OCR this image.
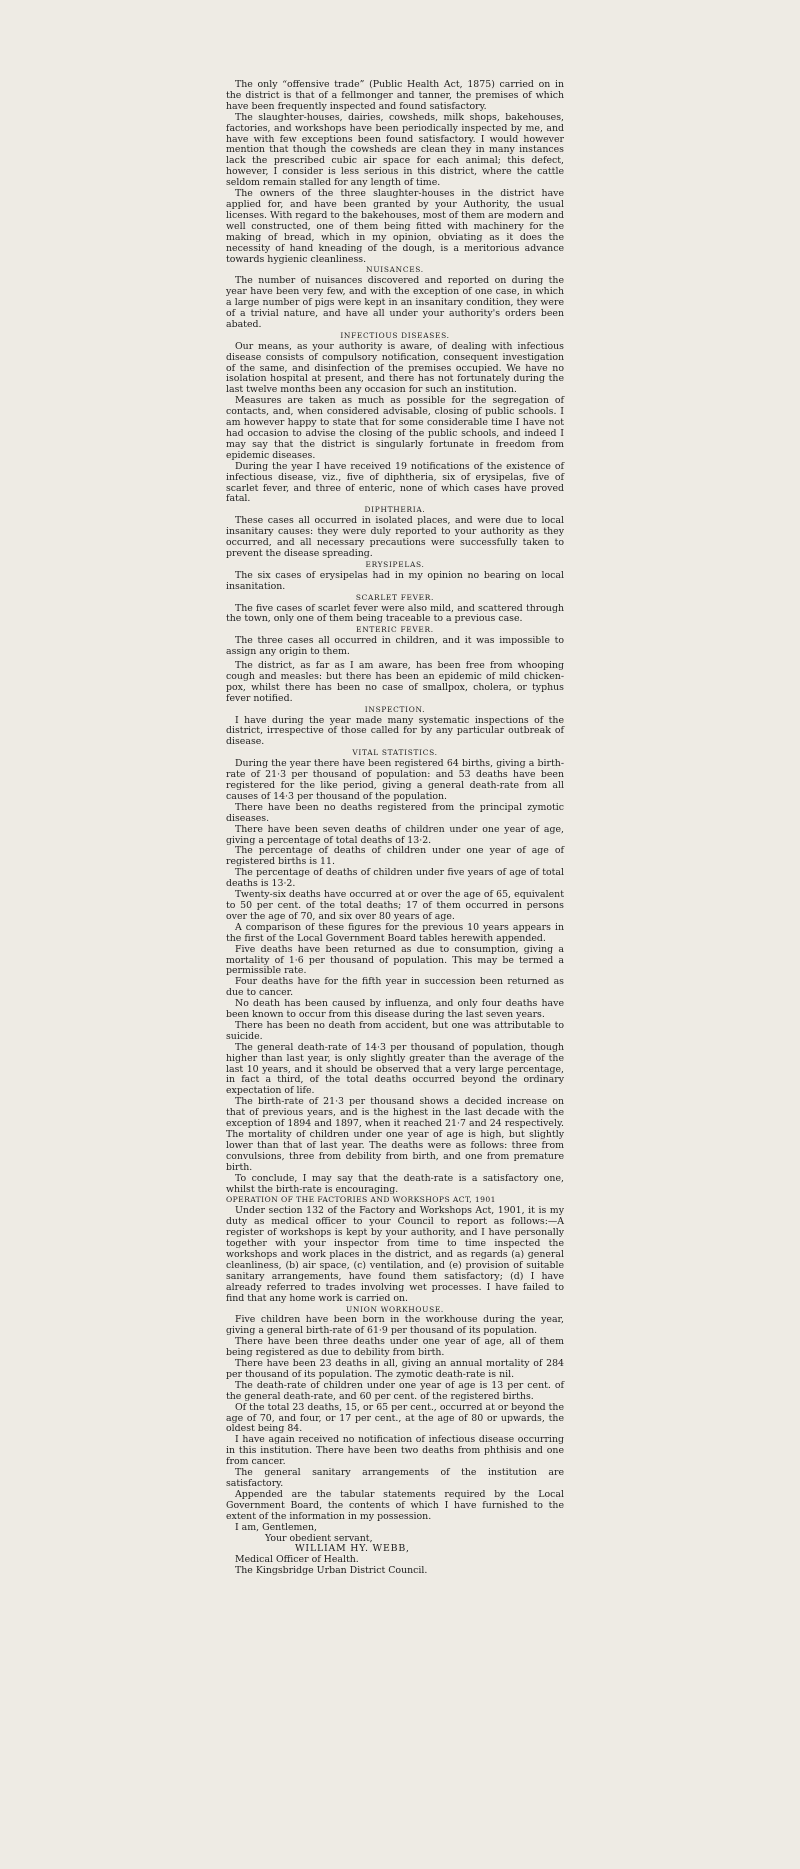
The only “offensive trade” (Public Health Act, 1875) carried on in the district is that of a fellmonger and tanner, the premises of which have been frequently inspected and found satisfactory.

The slaughter-houses, dairies, cowsheds, milk shops, bakehouses, factories, and workshops have been periodically inspected by me, and have with few exceptions been found satisfactory. I would however mention that though the cowsheds are clean they in many instances lack the prescribed cubic air space for each animal; this defect, however, I consider is less serious in this district, where the cattle seldom remain stalled for any length of time.

The owners of the three slaughter-houses in the district have applied for, and have been granted by your Authority, the usual licenses. With regard to the bakehouses, most of them are modern and well constructed, one of them being fitted with machinery for the making of bread, which in my opinion, obviating as it does the necessity of hand kneading of the dough, is a meritorious advance towards hygienic cleanliness.

NUISANCES.

The number of nuisances discovered and reported on during the year have been very few, and with the exception of one case, in which a large number of pigs were kept in an insanitary condition, they were of a trivial nature, and have all under your authority's orders been abated.

INFECTIOUS DISEASES.

Our means, as your authority is aware, of dealing with infectious disease consists of compulsory notification, consequent investigation of the same, and disinfection of the premises occupied. We have no isolation hospital at present, and there has not fortunately during the last twelve months been any occasion for such an institution.

Measures are taken as much as possible for the segregation of contacts, and, when considered advisable, closing of public schools. I am however happy to state that for some considerable time I have not had occasion to advise the closing of the public schools, and indeed I may say that the district is singularly fortunate in freedom from epidemic diseases.

During the year I have received 19 notifications of the existence of infectious disease, viz., five of diphtheria, six of erysipelas, five of scarlet fever, and three of enteric, none of which cases have proved fatal.

DIPHTHERIA.

These cases all occurred in isolated places, and were due to local insanitary causes: they were duly reported to your authority as they occurred, and all necessary precautions were successfully taken to prevent the disease spreading.

ERYSIPELAS.

The six cases of erysipelas had in my opinion no bearing on local insanitation.

SCARLET FEVER.

The five cases of scarlet fever were also mild, and scattered through the town, only one of them being traceable to a previous case.

ENTERIC FEVER.

The three cases all occurred in children, and it was impossible to assign any origin to them.

The district, as far as I am aware, has been free from whooping cough and measles: but there has been an epidemic of mild chicken-pox, whilst there has been no case of smallpox, cholera, or typhus fever notified.

INSPECTION.

I have during the year made many systematic inspections of the district, irrespective of those called for by any particular outbreak of disease.

VITAL STATISTICS.

During the year there have been registered 64 births, giving a birth-rate of 21·3 per thousand of population: and 53 deaths have been registered for the like period, giving a general death-rate from all causes of 14·3 per thousand of the population.

There have been no deaths registered from the principal zymotic diseases.

There have been seven deaths of children under one year of age, giving a percentage of total deaths of 13·2.

The percentage of deaths of children under one year of age of registered births is 11.

The percentage of deaths of children under five years of age of total deaths is 13·2.

Twenty-six deaths have occurred at or over the age of 65, equivalent to 50 per cent. of the total deaths; 17 of them occurred in persons over the age of 70, and six over 80 years of age.

A comparison of these figures for the previous 10 years appears in the first of the Local Government Board tables herewith appended.

Five deaths have been returned as due to consumption, giving a mortality of 1·6 per thousand of population. This may be termed a permissible rate.

Four deaths have for the fifth year in succession been returned as due to cancer.

No death has been caused by influenza, and only four deaths have been known to occur from this disease during the last seven years.

There has been no death from accident, but one was attributable to suicide.

The general death-rate of 14·3 per thousand of population, though higher than last year, is only slightly greater than the average of the last 10 years, and it should be observed that a very large percentage, in fact a third, of the total deaths occurred beyond the ordinary expectation of life.

The birth-rate of 21·3 per thousand shows a decided increase on that of previous years, and is the highest in the last decade with the exception of 1894 and 1897, when it reached 21·7 and 24 respectively. The mortality of children under one year of age is high, but slightly lower than that of last year. The deaths were as follows: three from convulsions, three from debility from birth, and one from premature birth.

To conclude, I may say that the death-rate is a satisfactory one, whilst the birth-rate is encouraging.

OPERATION OF THE FACTORIES AND WORKSHOPS ACT, 1901

Under section 132 of the Factory and Workshops Act, 1901, it is my duty as medical officer to your Council to report as follows:—A register of workshops is kept by your authority, and I have personally together with your inspector from time to time inspected the workshops and work places in the district, and as regards (a) general cleanliness, (b) air space, (c) ventilation, and (e) provision of suitable sanitary arrangements, have found them satisfactory; (d) I have already referred to trades involving wet processes. I have failed to find that any home work is carried on.

UNION WORKHOUSE.

Five children have been born in the workhouse during the year, giving a general birth-rate of 61·9 per thousand of its population.

There have been three deaths under one year of age, all of them being registered as due to debility from birth.

There have been 23 deaths in all, giving an annual mortality of 284 per thousand of its population. The zymotic death-rate is nil.

The death-rate of children under one year of age is 13 per cent. of the general death-rate, and 60 per cent. of the registered births.

Of the total 23 deaths, 15, or 65 per cent., occurred at or beyond the age of 70, and four, or 17 per cent., at the age of 80 or upwards, the oldest being 84.

I have again received no notification of infectious disease occurring in this institution. There have been two deaths from phthisis and one from cancer.

The general sanitary arrangements of the institution are satisfactory.

Appended are the tabular statements required by the Local Government Board, the contents of which I have furnished to the extent of the information in my possession.

I am, Gentlemen,

Your obedient servant,

WILLIAM HY. WEBB,

Medical Officer of Health.

The Kingsbridge Urban District Council.
